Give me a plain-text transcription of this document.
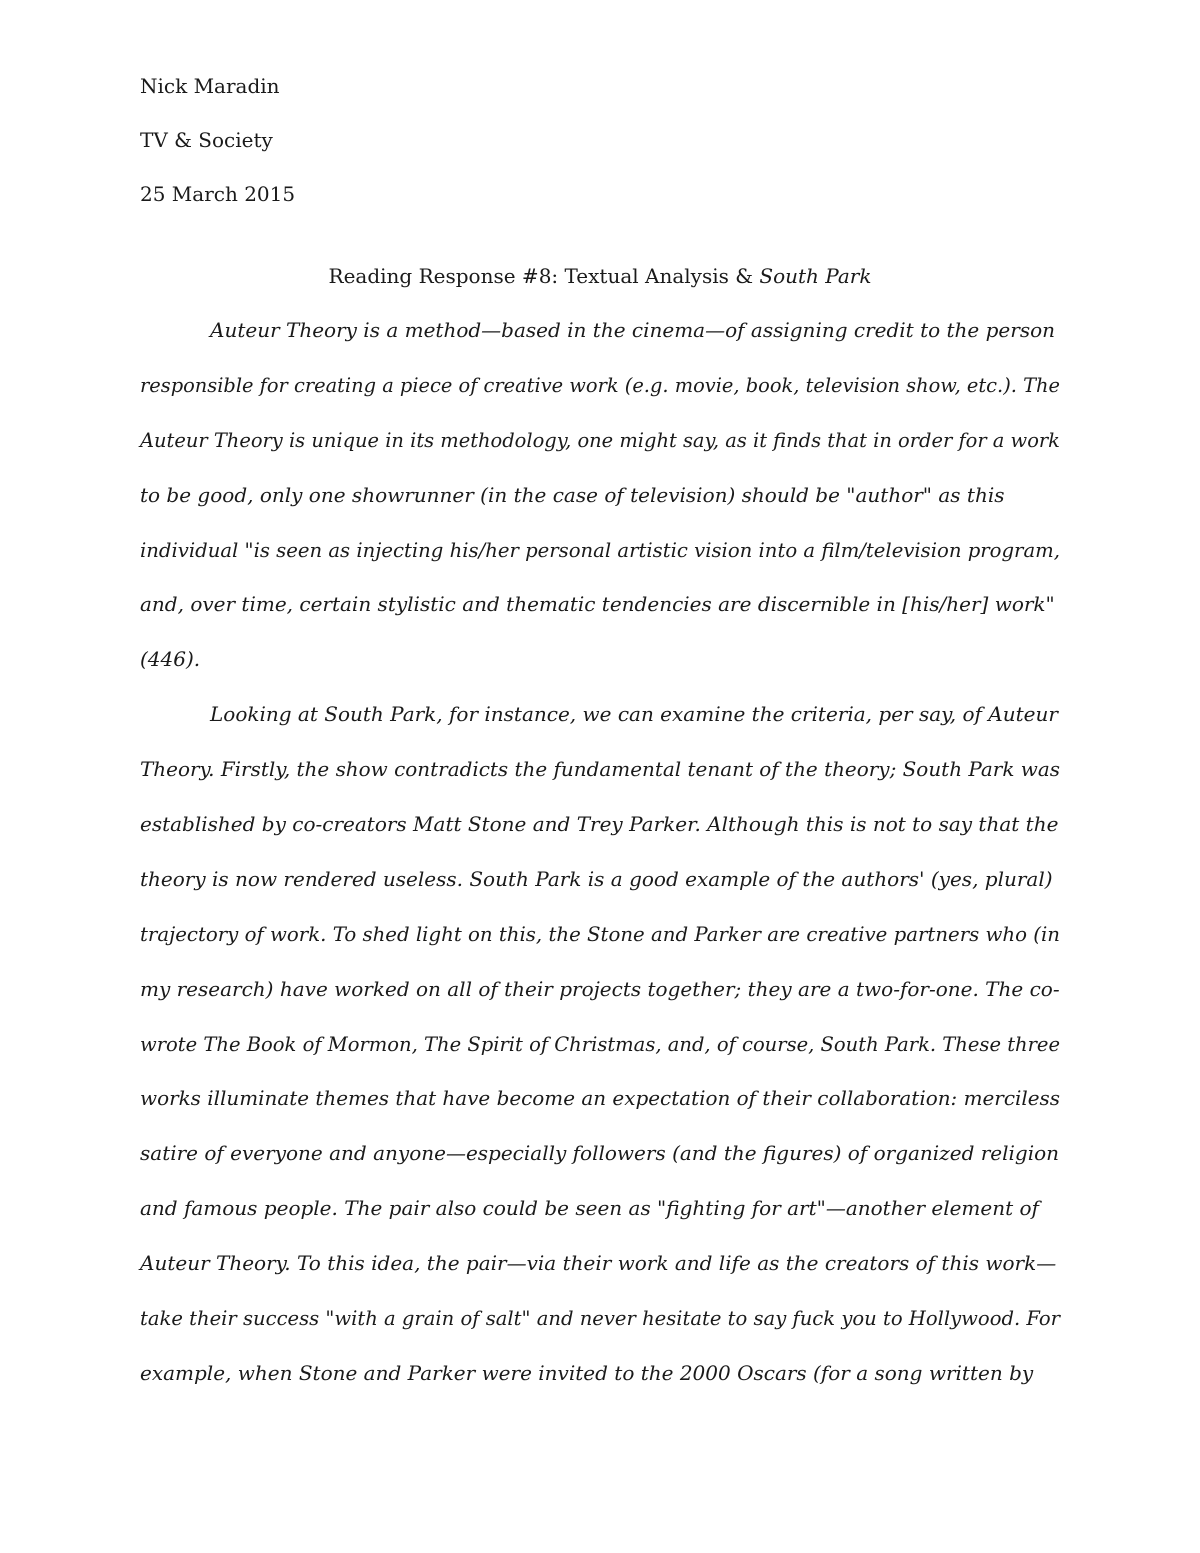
Nick Maradin

TV & Society

25 March 2015

Reading Response #8: Textual Analysis & South Park

Auteur Theory is a method—based in the cinema—of assigning credit to the person
responsible for creating a piece of creative work (e.g. movie, book, television show, etc.). The
Auteur Theory is unique in its methodology, one might say, as it finds that in order for a work
to be good, only one showrunner (in the case of television) should be "author" as this
individual "is seen as injecting his/her personal artistic vision into a film/television program,
and, over time, certain stylistic and thematic tendencies are discernible in [his/her] work"
(446).

Looking at South Park, for instance, we can examine the criteria, per say, of Auteur
Theory. Firstly, the show contradicts the fundamental tenant of the theory; South Park was
established by co-creators Matt Stone and Trey Parker. Although this is not to say that the
theory is now rendered useless. South Park is a good example of the authors' (yes, plural)
trajectory of work. To shed light on this, the Stone and Parker are creative partners who (in
my research) have worked on all of their projects together; they are a two-for-one. The co-
wrote The Book of Mormon, The Spirit of Christmas, and, of course, South Park. These three
works illuminate themes that have become an expectation of their collaboration: merciless
satire of everyone and anyone—especially followers (and the figures) of organized religion
and famous people. The pair also could be seen as "fighting for art"—another element of
Auteur Theory. To this idea, the pair—via their work and life as the creators of this work—
take their success "with a grain of salt" and never hesitate to say fuck you to Hollywood. For
example, when Stone and Parker were invited to the 2000 Oscars (for a song written by
